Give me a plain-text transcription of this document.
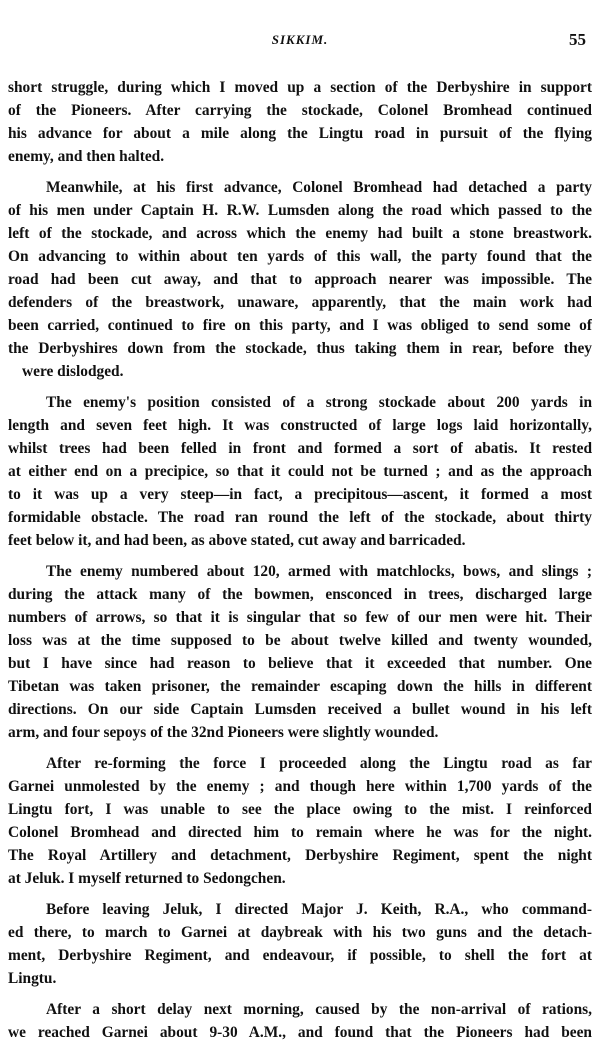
SIKKIM.	55
short struggle, during which I moved up a section of the Derbyshire in support
of the Pioneers. After carrying the stockade, Colonel Bromhead continued
his advance for about a mile along the Lingtu road in pursuit of the flying
enemy, and then halted.
Meanwhile, at his first advance, Colonel Bromhead had detached a party
of his men under Captain H. R.W. Lumsden along the road which passed to the
left of the stockade, and across which the enemy had built a stone breastwork.
On advancing to within about ten yards of this wall, the party found that the
road had been cut away, and that to approach nearer was impossible. The
defenders of the breastwork, unaware, apparently, that the main work had
been carried, continued to fire on this party, and I was obliged to send some of
the Derbyshires down from the stockade, thus taking them in rear, before they
were dislodged.
The enemy's position consisted of a strong stockade about 200 yards in
length and seven feet high. It was constructed of large logs laid horizontally,
whilst trees had been felled in front and formed a sort of abatis. It rested
at either end on a precipice, so that it could not be turned ; and as the approach
to it was up a very steep—in fact, a precipitous—ascent, it formed a most
formidable obstacle. The road ran round the left of the stockade, about thirty
feet below it, and had been, as above stated, cut away and barricaded.
The enemy numbered about 120, armed with matchlocks, bows, and slings ;
during the attack many of the bowmen, ensconced in trees, discharged large
numbers of arrows, so that it is singular that so few of our men were hit. Their
loss was at the time supposed to be about twelve killed and twenty wounded,
but I have since had reason to believe that it exceeded that number. One
Tibetan was taken prisoner, the remainder escaping down the hills in different
directions. On our side Captain Lumsden received a bullet wound in his left
arm, and four sepoys of the 32nd Pioneers were slightly wounded.
After re-forming the force I proceeded along the Lingtu road as far
Garnei unmolested by the enemy ; and though here within 1,700 yards of the
Lingtu fort, I was unable to see the place owing to the mist. I reinforced
Colonel Bromhead and directed him to remain where he was for the night.
The Royal Artillery and detachment, Derbyshire Regiment, spent the night
at Jeluk. I myself returned to Sedongchen.
Before leaving Jeluk, I directed Major J. Keith, R.A., who command-
ed there, to march to Garnei at daybreak with his two guns and the detach-
ment, Derbyshire Regiment, and endeavour, if possible, to shell the fort at
Lingtu.
After a short delay next morning, caused by the non-arrival of rations,
we reached Garnei about 9-30 A.M., and found that the Pioneers had been
